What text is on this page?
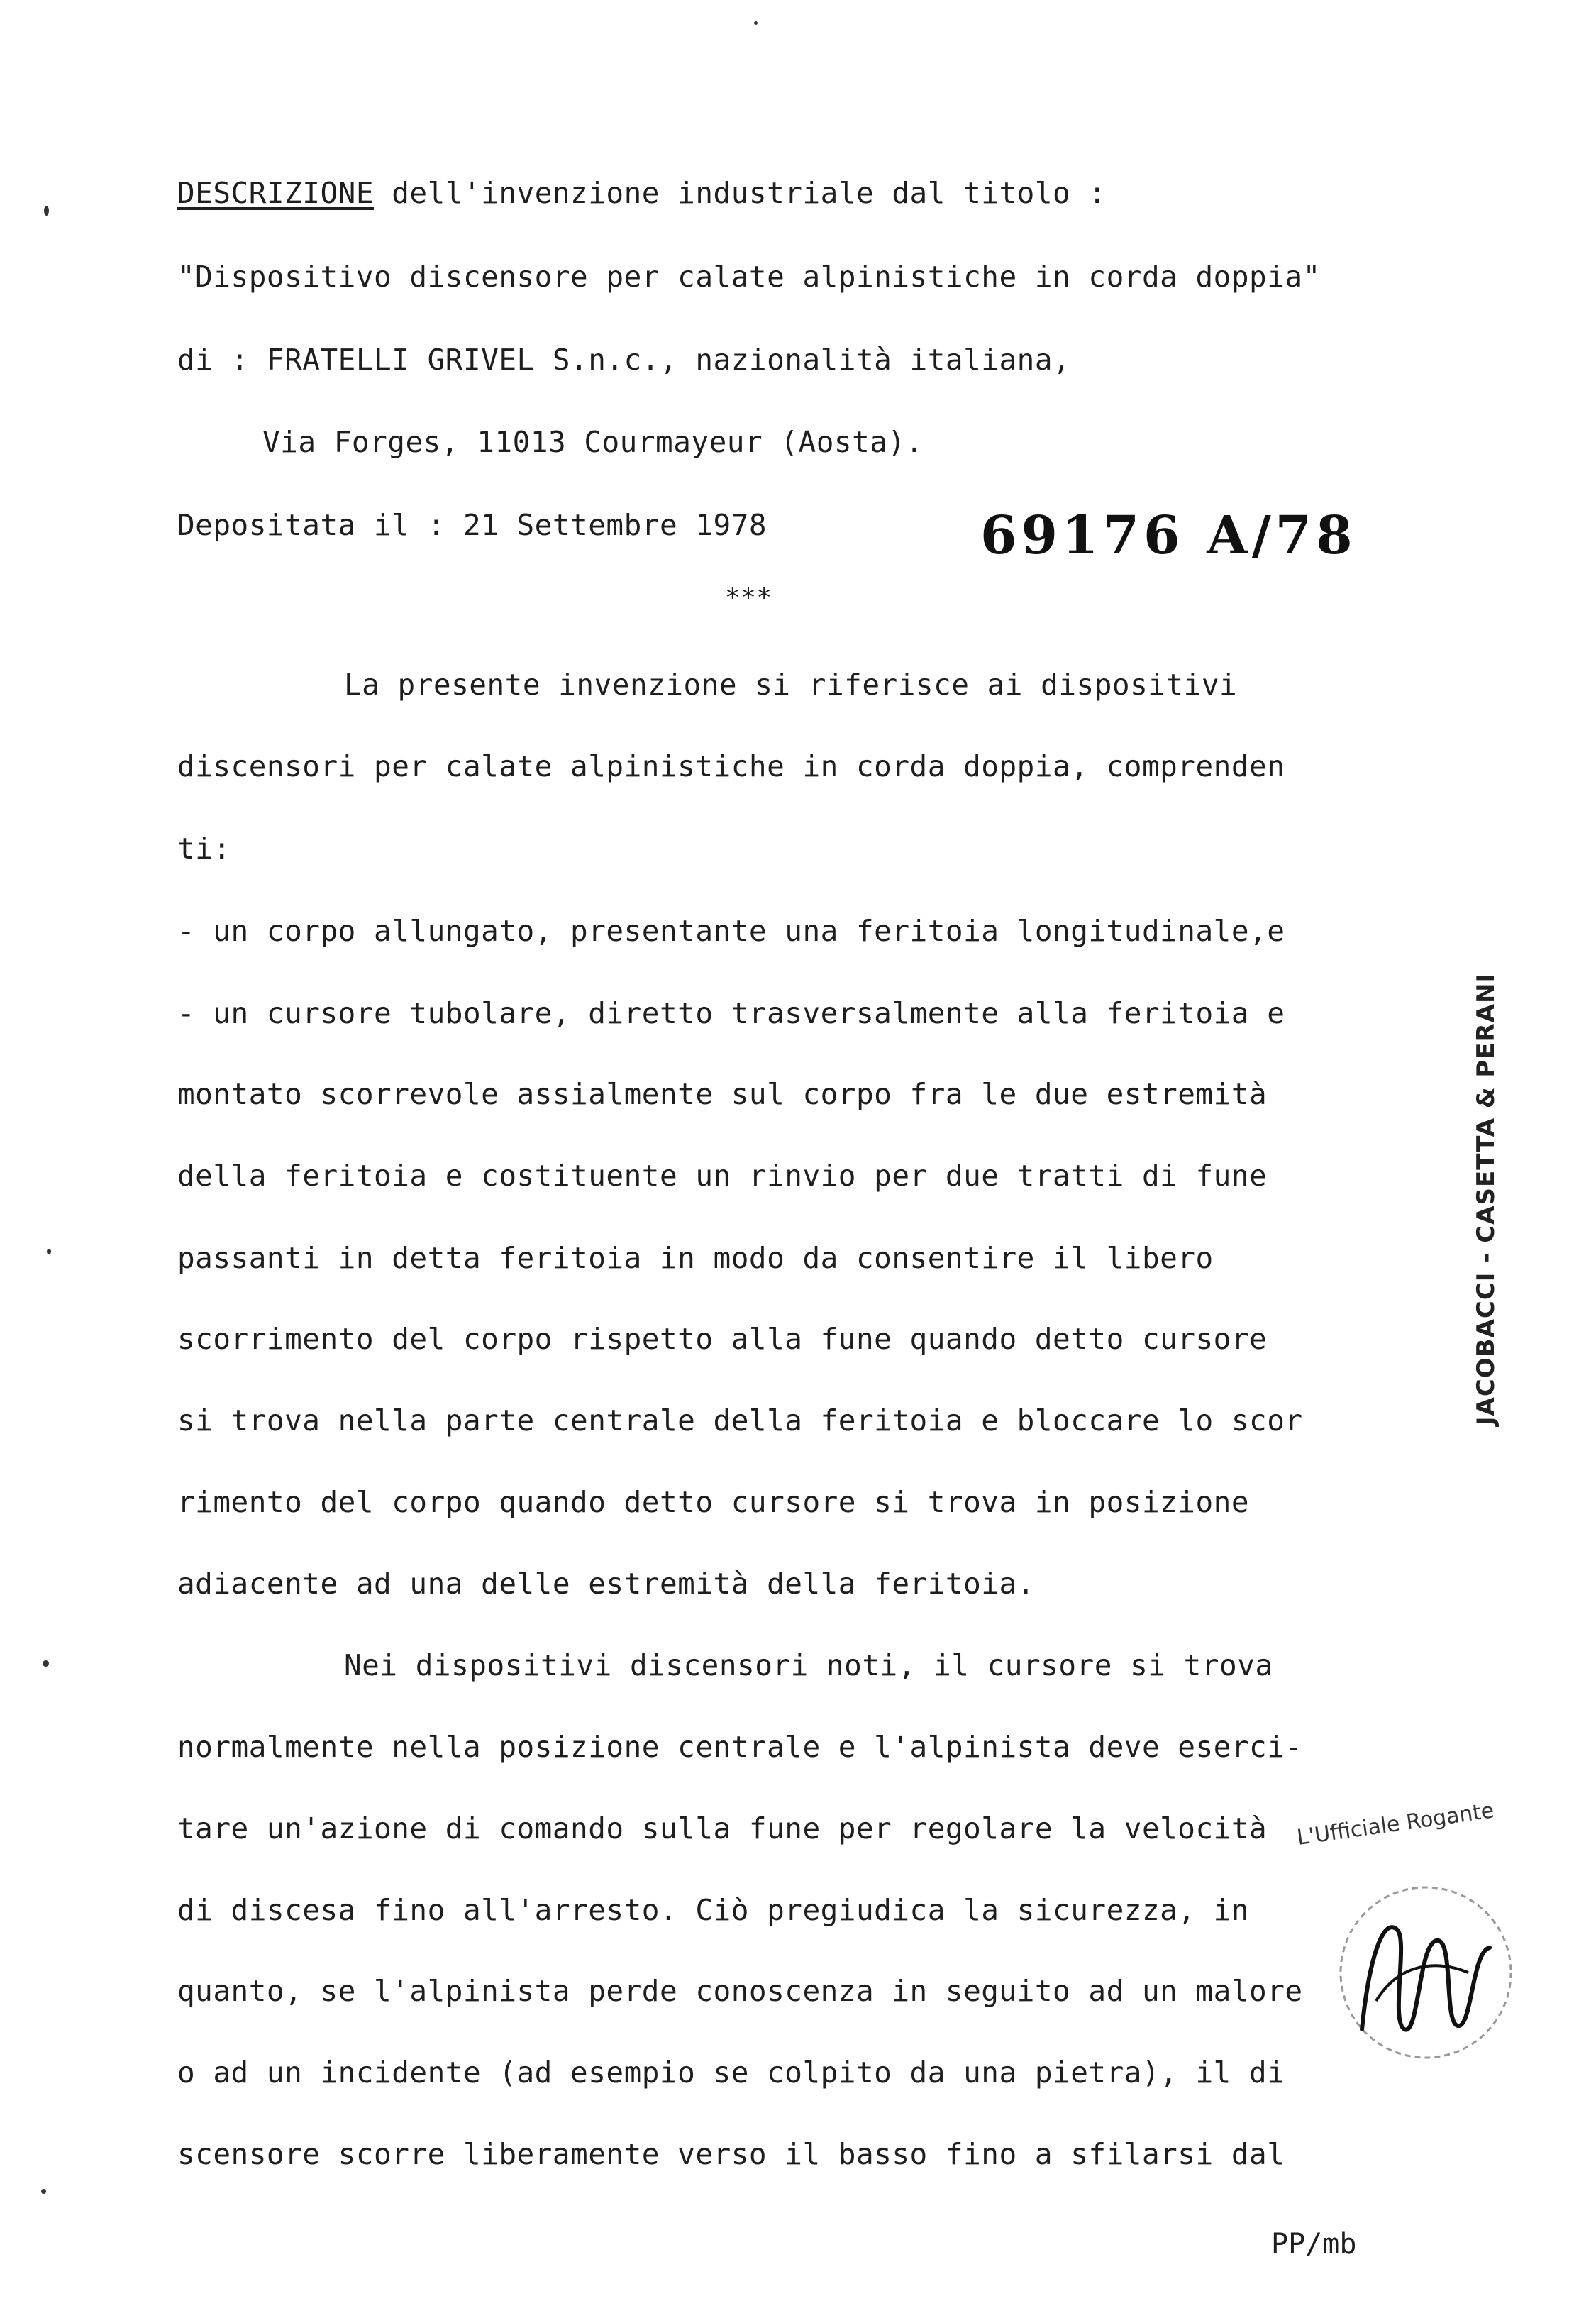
DESCRIZIONE dell'invenzione industriale dal titolo :
"Dispositivo discensore per calate alpinistiche in corda doppia"
di : FRATELLI GRIVEL S.n.c., nazionalità italiana,
Via Forges, 11013 Courmayeur (Aosta).
Depositata il : 21 Settembre 1978	69176 A/78
***
La presente invenzione si riferisce ai dispositivi
discensori per calate alpinistiche in corda doppia, comprenden
ti:
- un corpo allungato, presentante una feritoia longitudinale,e
- un cursore tubolare, diretto trasversalmente alla feritoia e
montato scorrevole assialmente sul corpo fra le due estremità
della feritoia e costituente un rinvio per due tratti di fune
passanti in detta feritoia in modo da consentire il libero
scorrimento del corpo rispetto alla fune quando detto cursore
si trova nella parte centrale della feritoia e bloccare lo scor
rimento del corpo quando detto cursore si trova in posizione
adiacente ad una delle estremità della feritoia.
Nei dispositivi discensori noti, il cursore si trova
normalmente nella posizione centrale e l'alpinista deve eserci-
tare un'azione di comando sulla fune per regolare la velocità
di discesa fino all'arresto. Ciò pregiudica la sicurezza, in
quanto, se l'alpinista perde conoscenza in seguito ad un malore
o ad un incidente (ad esempio se colpito da una pietra), il di
scensore scorre liberamente verso il basso fino a sfilarsi dal
JACOBACCI - CASETTA & PERANI
L'Ufficiale Rogante
PP/mb
